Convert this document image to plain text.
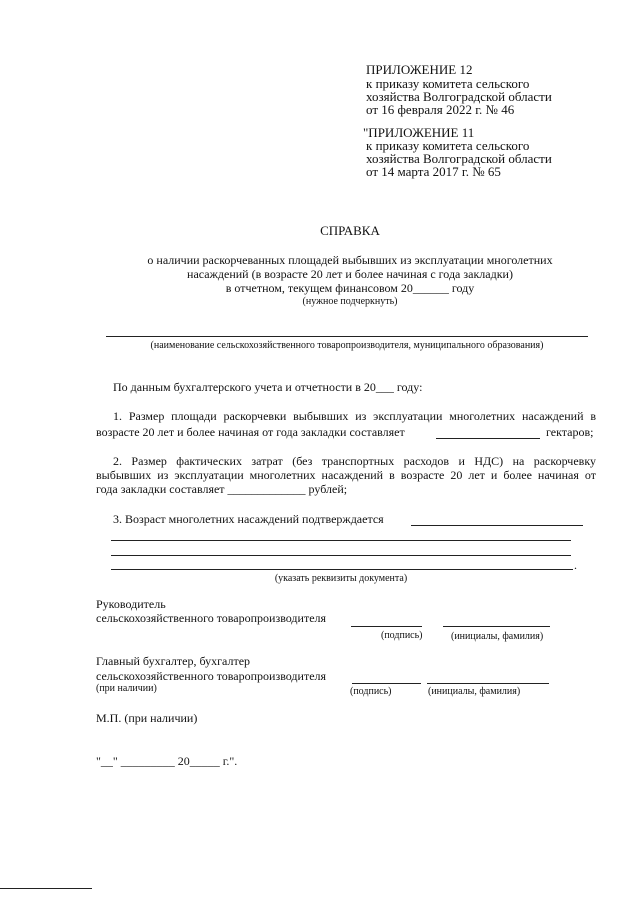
ПРИЛОЖЕНИЕ 12
к приказу комитета сельского
хозяйства Волгоградской области
от 16 февраля 2022 г. № 46
"ПРИЛОЖЕНИЕ 11
к приказу комитета сельского
хозяйства Волгоградской области
от 14 марта 2017 г. № 65
СПРАВКА
о наличии раскорчеванных площадей выбывших из эксплуатации многолетних
насаждений (в возрасте 20 лет и более начиная с года закладки)
в отчетном, текущем финансовом 20______ году
(нужное подчеркнуть)
(наименование сельскохозяйственного товаропроизводителя, муниципального образования)
По данным бухгалтерского учета и отчетности в 20___ году:
1. Размер площади раскорчевки выбывших из эксплуатации многолетних насаждений в
возрасте 20 лет и более начиная от года закладки составляет	гектаров;
2. Размер фактических затрат (без транспортных расходов и НДС) на раскорчевку
выбывших из эксплуатации многолетних насаждений в возрасте 20 лет и более начиная от
года закладки составляет _____________ рублей;
3. Возраст многолетних насаждений подтверждается
.
(указать реквизиты документа)
Руководитель
сельскохозяйственного товаропроизводителя
(подпись)	(инициалы, фамилия)
Главный бухгалтер, бухгалтер
сельскохозяйственного товаропроизводителя
(при наличии)	(подпись)	(инициалы, фамилия)
М.П. (при наличии)
"__" _________ 20_____ г.".
